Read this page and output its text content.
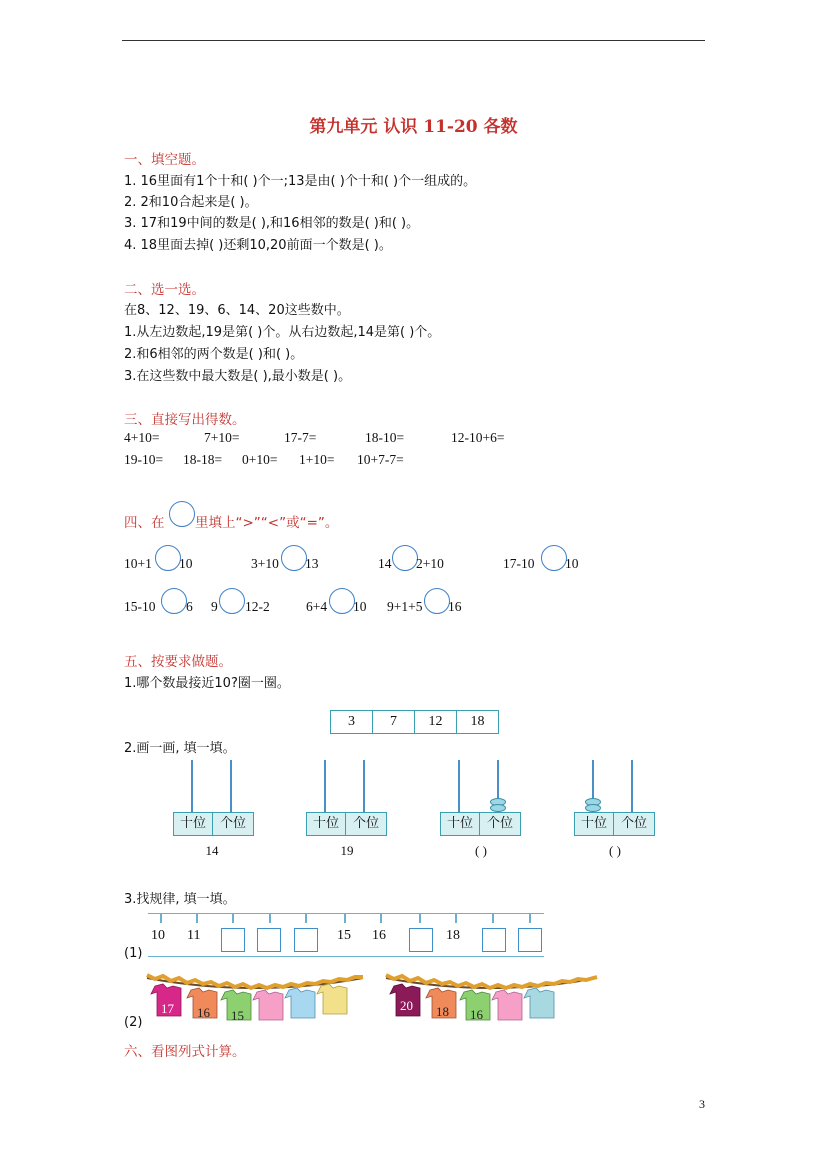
第九单元 认识 11-20 各数
一、填空题。
1. 16里面有1个十和( )个一;13是由( )个十和( )个一组成的。
2. 2和10合起来是( )。
3. 17和19中间的数是( ),和16相邻的数是( )和( )。
4. 18里面去掉( )还剩10,20前面一个数是( )。
二、选一选。
在8、12、19、6、14、20这些数中。
1.从左边数起,19是第( )个。从右边数起,14是第( )个。
2.和6相邻的两个数是( )和( )。
3.在这些数中最大数是( ),最小数是( )。
三、直接写出得数。
4+10=	7+10=	17-7=	18-10=	12-10+6=
19-10= 18-18= 0+10= 1+10= 10+7-7=
四、在 里填上“>”“<”或“=”。
10+1 10	3+10 13	14 2+10	17-10 10
15-10 6 9 12-2	6+4 10 9+1+5 16
五、按要求做题。
1.哪个数最接近10?圈一圈。
3	7	12	18
2.画一画, 填一填。
十位	个位
14
十位	个位
19
十位	个位
( )
十位	个位
( )
3.找规律, 填一填。
10 11	15 16	18
(1)
(2)
17 16 15
20 18 16
六、看图列式计算。
3
